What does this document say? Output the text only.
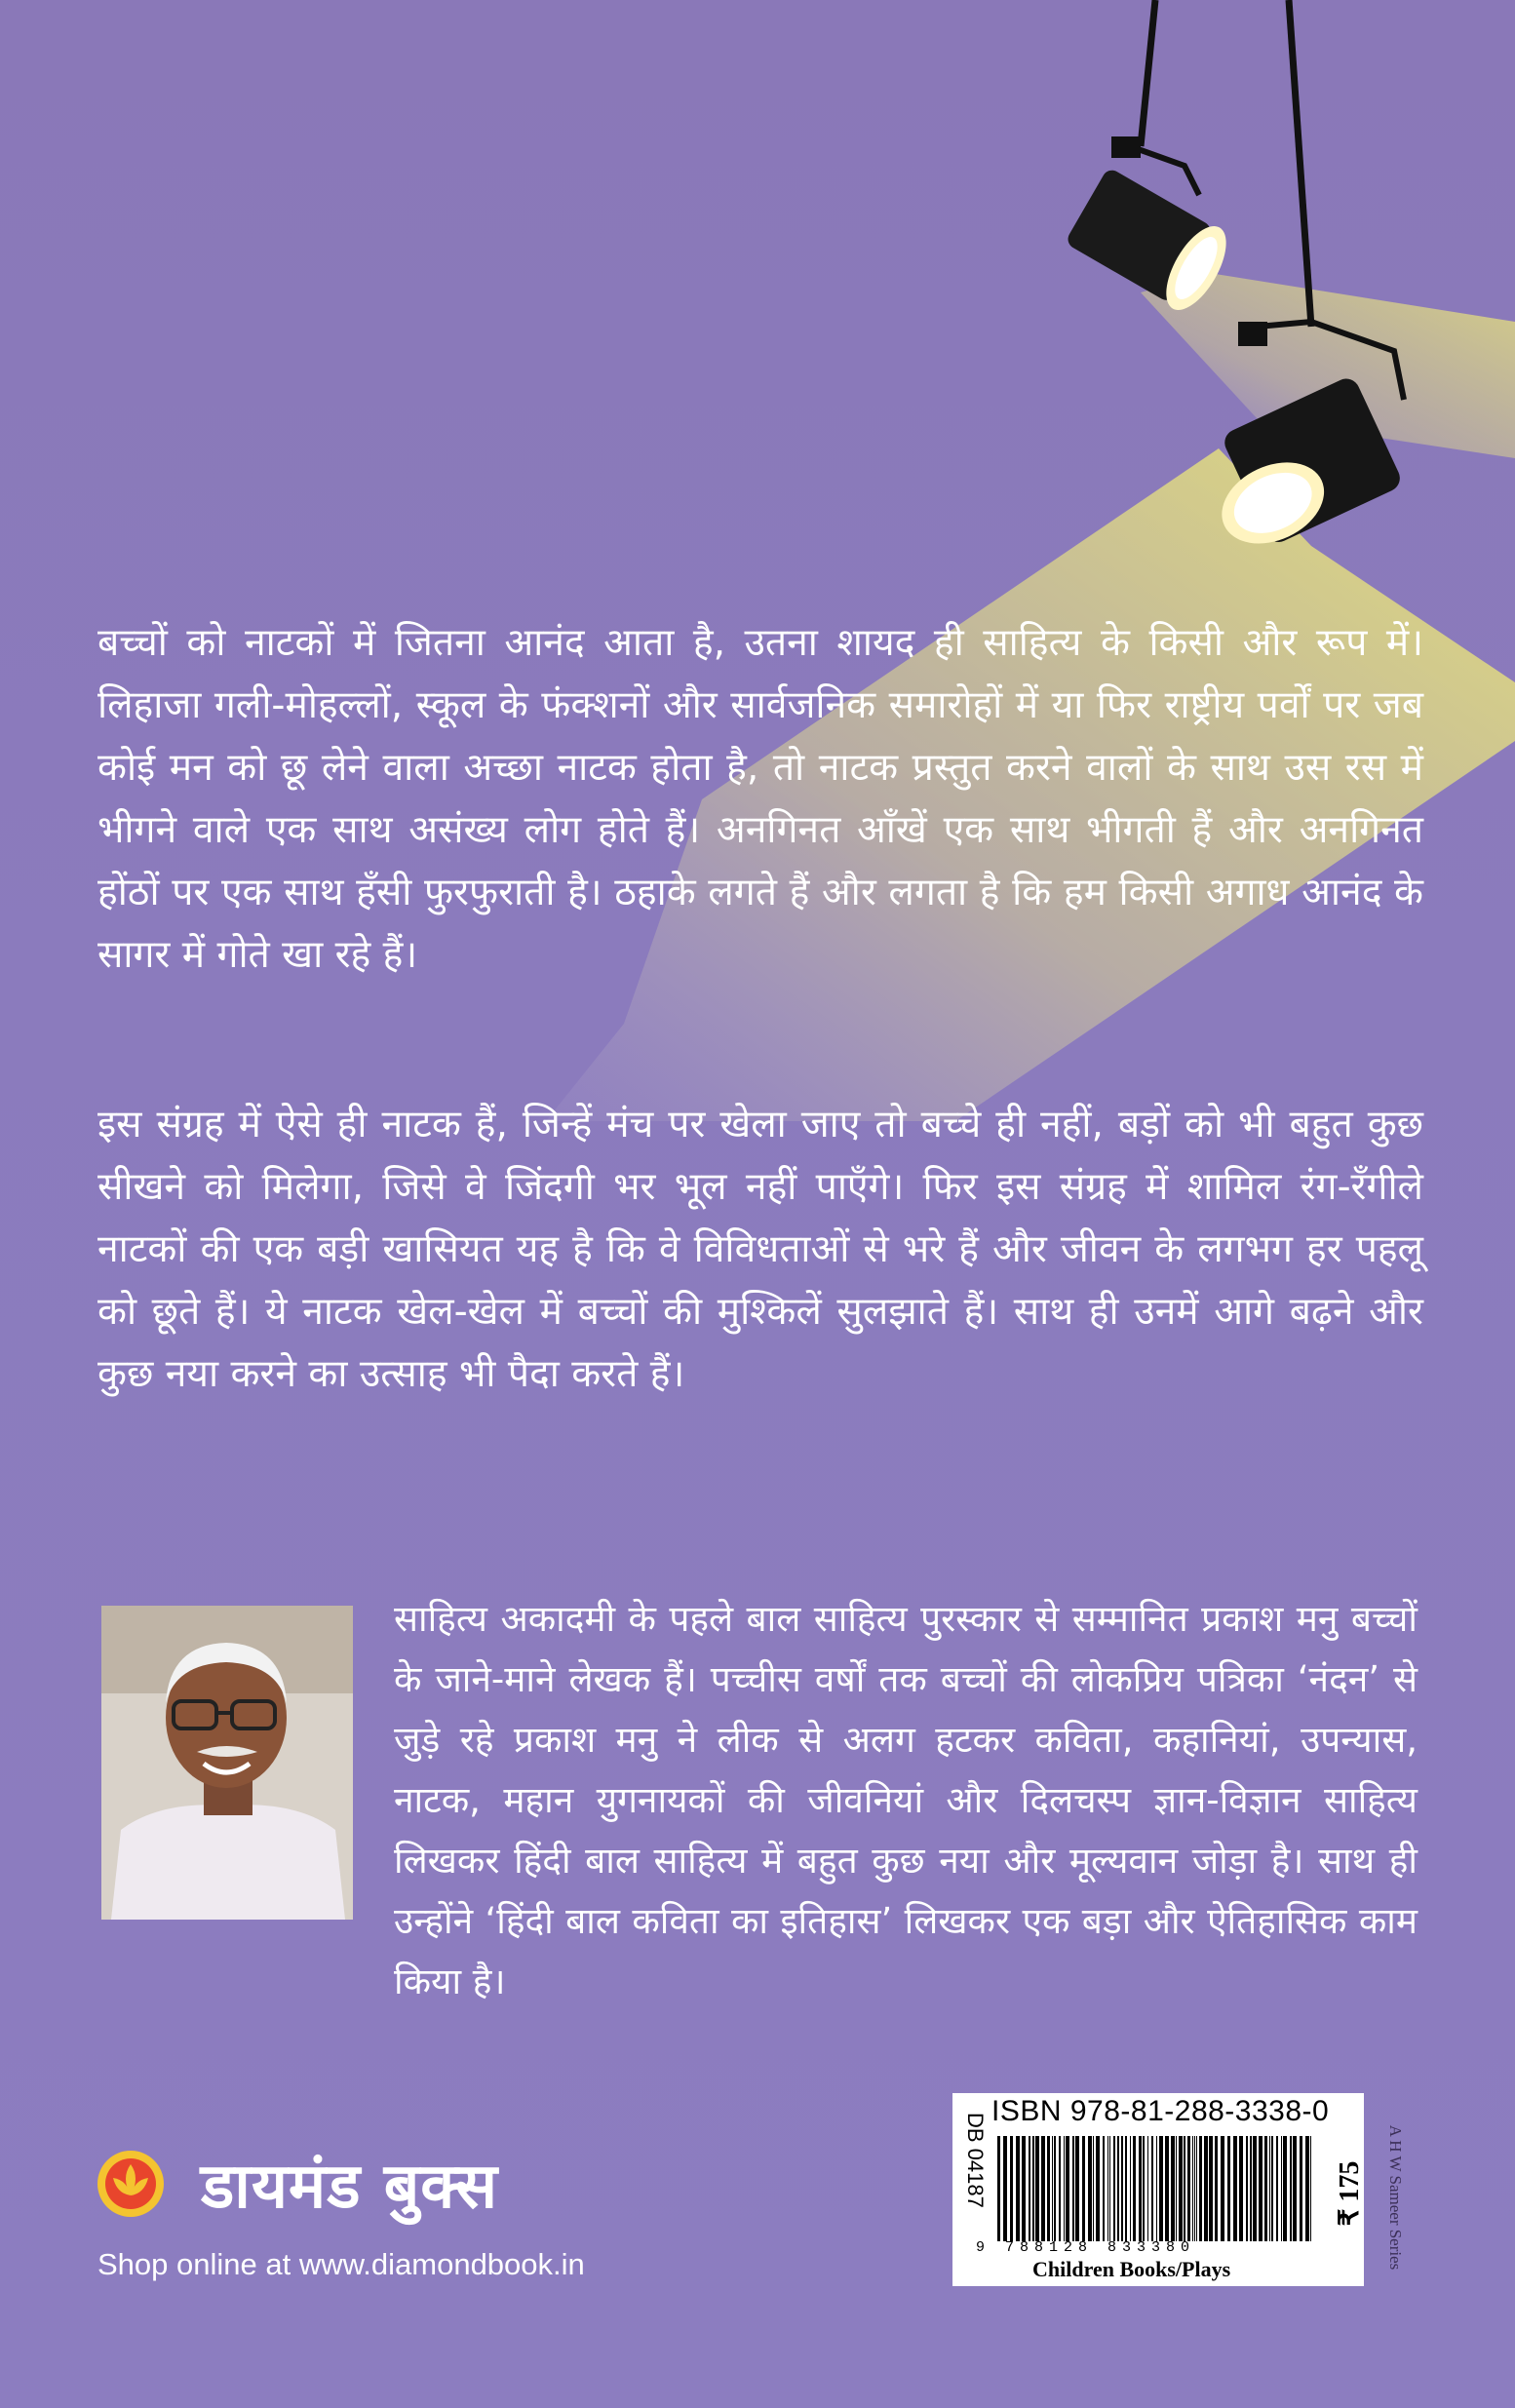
बच्चों को नाटकों में जितना आनंद आता है, उतना शायद ही साहित्य के किसी और रूप में। लिहाजा गली-मोहल्लों, स्कूल के फंक्शनों और सार्वजनिक समारोहों में या फिर राष्ट्रीय पर्वों पर जब कोई मन को छू लेने वाला अच्छा नाटक होता है, तो नाटक प्रस्तुत करने वालों के साथ उस रस में भीगने वाले एक साथ असंख्य लोग होते हैं। अनगिनत आँखें एक साथ भीगती हैं और अनगिनत होंठों पर एक साथ हँसी फुरफुराती है। ठहाके लगते हैं और लगता है कि हम किसी अगाध आनंद के सागर में गोते खा रहे हैं।

इस संग्रह में ऐसे ही नाटक हैं, जिन्हें मंच पर खेला जाए तो बच्चे ही नहीं, बड़ों को भी बहुत कुछ सीखने को मिलेगा, जिसे वे जिंदगी भर भूल नहीं पाएँगे। फिर इस संग्रह में शामिल रंग-रँगीले नाटकों की एक बड़ी खासियत यह है कि वे विविधताओं से भरे हैं और जीवन के लगभग हर पहलू को छूते हैं। ये नाटक खेल-खेल में बच्चों की मुश्किलें सुलझाते हैं। साथ ही उनमें आगे बढ़ने और कुछ नया करने का उत्साह भी पैदा करते हैं।

साहित्य अकादमी के पहले बाल साहित्य पुरस्कार से सम्मानित प्रकाश मनु बच्चों के जाने-माने लेखक हैं। पच्चीस वर्षों तक बच्चों की लोकप्रिय पत्रिका ‘नंदन’ से जुड़े रहे प्रकाश मनु ने लीक से अलग हटकर कविता, कहानियां, उपन्यास, नाटक, महान युगनायकों की जीवनियां और दिलचस्प ज्ञान-विज्ञान साहित्य लिखकर हिंदी बाल साहित्य में बहुत कुछ नया और मूल्यवान जोड़ा है। साथ ही उन्होंने ‘हिंदी बाल कविता का इतिहास’ लिखकर एक बड़ा और ऐतिहासिक काम किया है।

डायमंड बुक्स
Shop online at www.diamondbook.in
ISBN 978-81-288-3338-0
DB 04187
9 788128 833380
Children Books/Plays
₹ 175 A H W Sameer Series
